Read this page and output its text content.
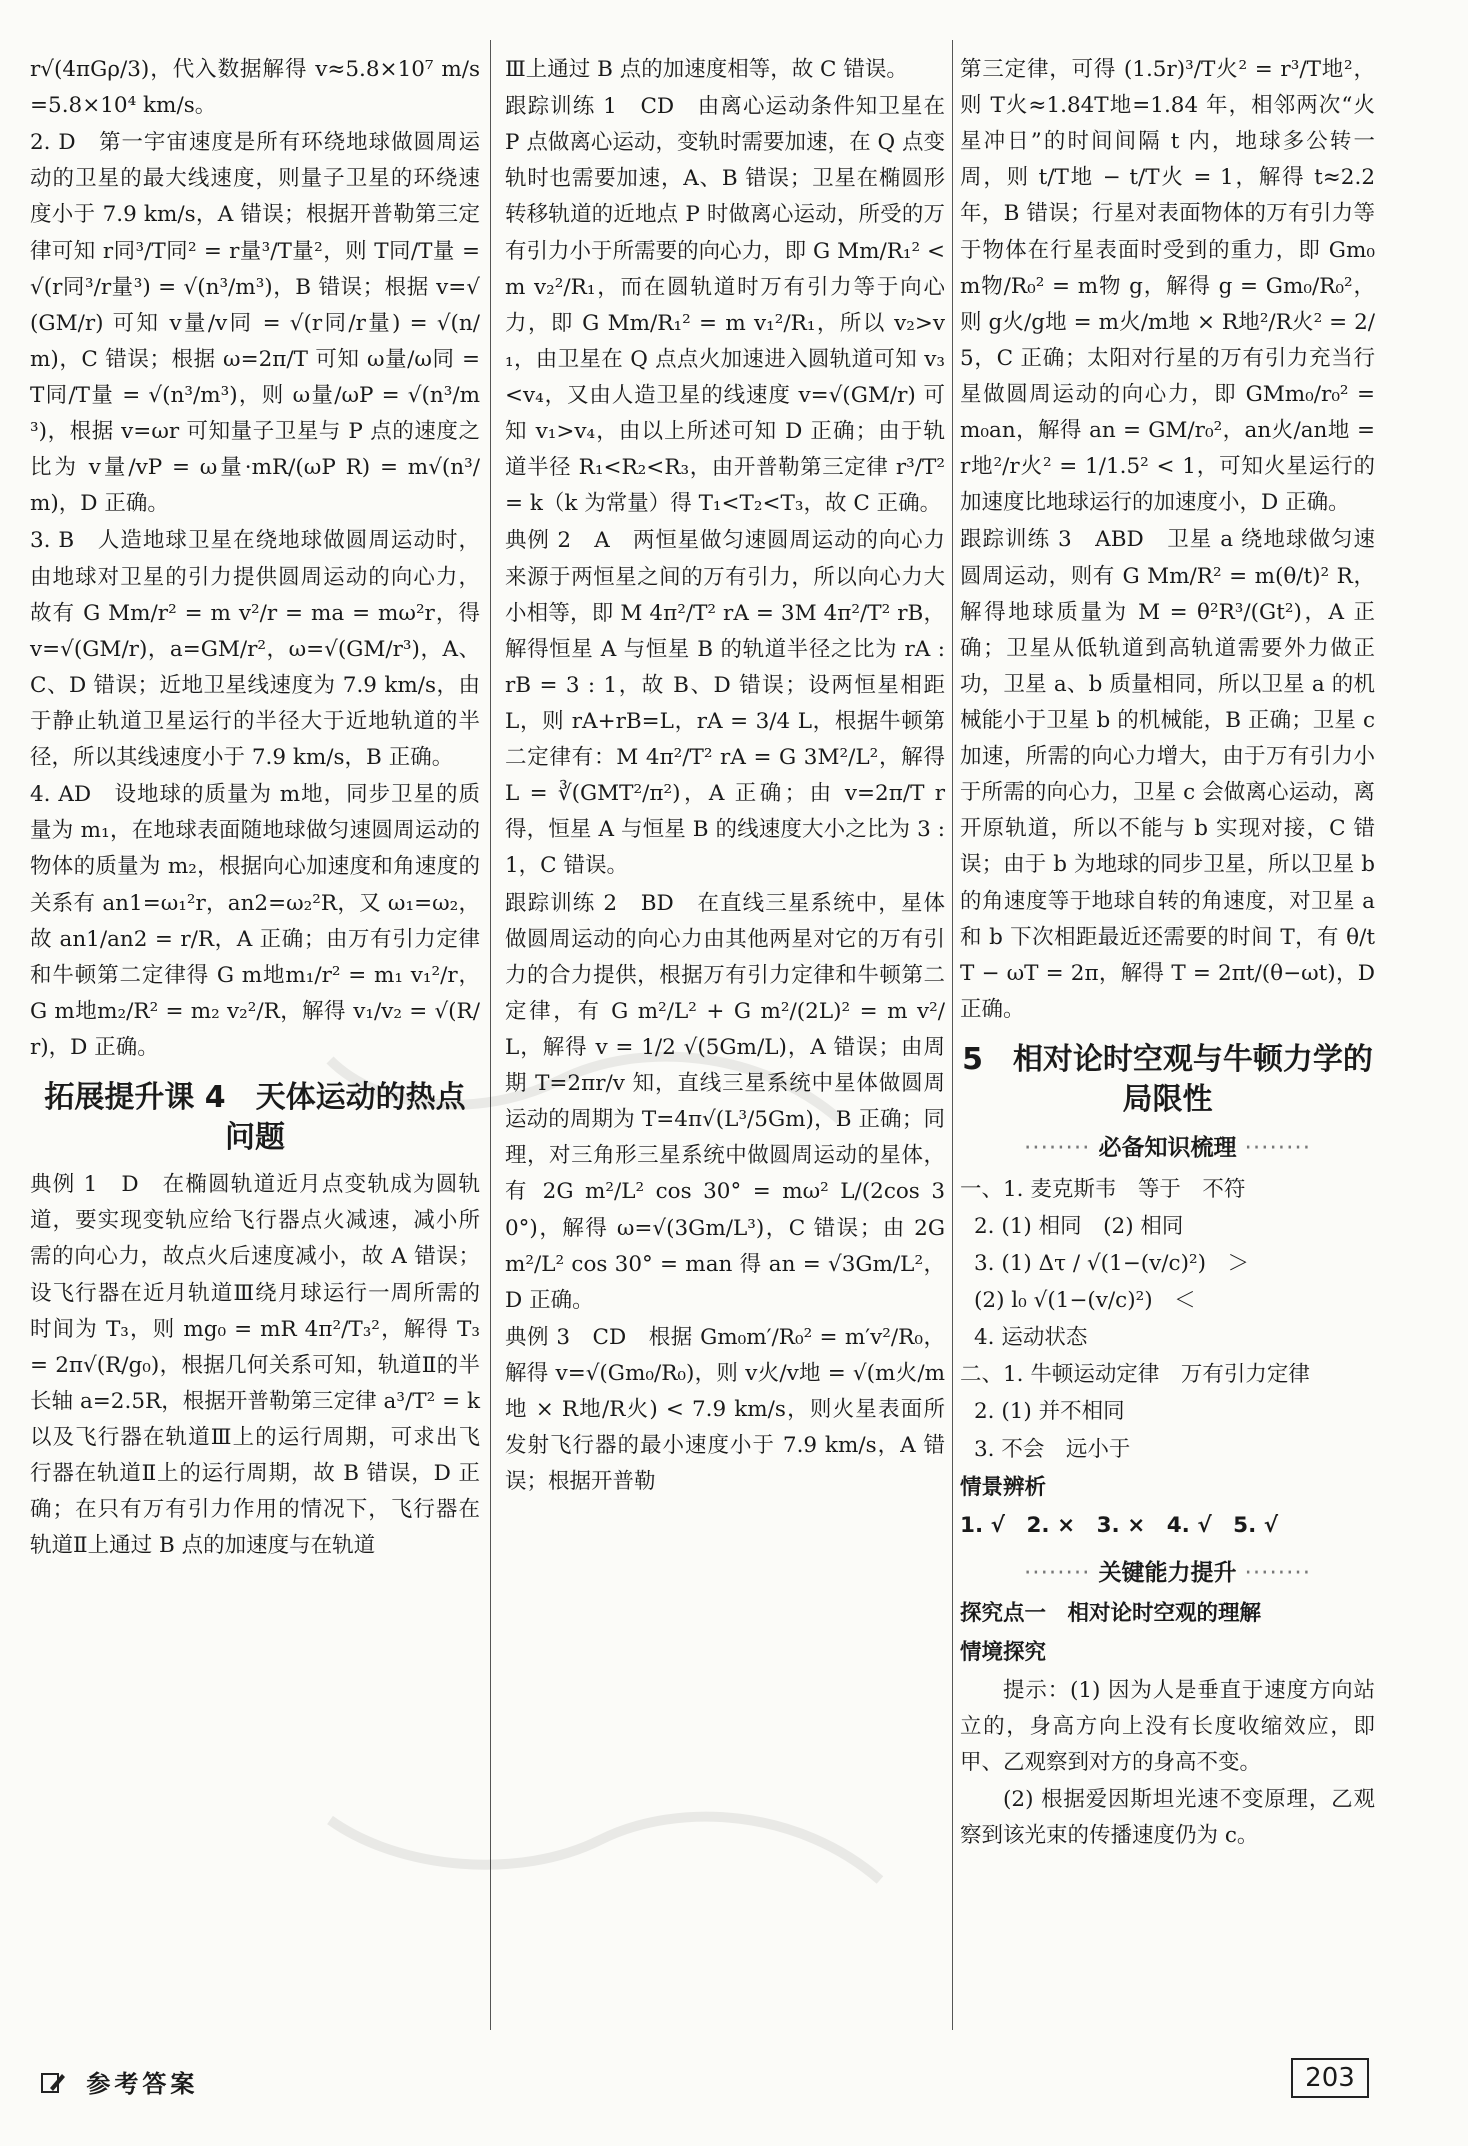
r√(4πGρ/3)，代入数据解得 v≈5.8×10⁷ m/s=5.8×10⁴ km/s。

2. D　第一宇宙速度是所有环绕地球做圆周运动的卫星的最大线速度，则量子卫星的环绕速度小于 7.9 km/s，A 错误；根据开普勒第三定律可知 r同³/T同² = r量³/T量²，则 T同/T量 = √(r同³/r量³) = √(n³/m³)，B 错误；根据 v=√(GM/r) 可知 v量/v同 = √(r同/r量) = √(n/m)，C 错误；根据 ω=2π/T 可知 ω量/ω同 = T同/T量 = √(n³/m³)，则 ω量/ωP = √(n³/m³)，根据 v=ωr 可知量子卫星与 P 点的速度之比为 v量/vP = ω量·mR/(ωP R) = m√(n³/m)，D 正确。

3. B　人造地球卫星在绕地球做圆周运动时，由地球对卫星的引力提供圆周运动的向心力，故有 G Mm/r² = m v²/r = ma = mω²r，得 v=√(GM/r)，a=GM/r²，ω=√(GM/r³)，A、C、D 错误；近地卫星线速度为 7.9 km/s，由于静止轨道卫星运行的半径大于近地轨道的半径，所以其线速度小于 7.9 km/s，B 正确。

4. AD　设地球的质量为 m地，同步卫星的质量为 m₁，在地球表面随地球做匀速圆周运动的物体的质量为 m₂，根据向心加速度和角速度的关系有 an1=ω₁²r，an2=ω₂²R，又 ω₁=ω₂，故 an1/an2 = r/R，A 正确；由万有引力定律和牛顿第二定律得 G m地m₁/r² = m₁ v₁²/r，G m地m₂/R² = m₂ v₂²/R，解得 v₁/v₂ = √(R/r)，D 正确。

拓展提升课 4　天体运动的热点问题

典例 1　D　在椭圆轨道近月点变轨成为圆轨道，要实现变轨应给飞行器点火减速，减小所需的向心力，故点火后速度减小，故 A 错误；设飞行器在近月轨道Ⅲ绕月球运行一周所需的时间为 T₃，则 mg₀ = mR 4π²/T₃²，解得 T₃ = 2π√(R/g₀)，根据几何关系可知，轨道Ⅱ的半长轴 a=2.5R，根据开普勒第三定律 a³/T² = k 以及飞行器在轨道Ⅲ上的运行周期，可求出飞行器在轨道Ⅱ上的运行周期，故 B 错误，D 正确；在只有万有引力作用的情况下，飞行器在轨道Ⅱ上通过 B 点的加速度与在轨道

Ⅲ上通过 B 点的加速度相等，故 C 错误。

跟踪训练 1　CD　由离心运动条件知卫星在 P 点做离心运动，变轨时需要加速，在 Q 点变轨时也需要加速，A、B 错误；卫星在椭圆形转移轨道的近地点 P 时做离心运动，所受的万有引力小于所需要的向心力，即 G Mm/R₁² < m v₂²/R₁，而在圆轨道时万有引力等于向心力，即 G Mm/R₁² = m v₁²/R₁，所以 v₂>v₁，由卫星在 Q 点点火加速进入圆轨道可知 v₃<v₄，又由人造卫星的线速度 v=√(GM/r) 可知 v₁>v₄，由以上所述可知 D 正确；由于轨道半径 R₁<R₂<R₃，由开普勒第三定律 r³/T² = k（k 为常量）得 T₁<T₂<T₃，故 C 正确。

典例 2　A　两恒星做匀速圆周运动的向心力来源于两恒星之间的万有引力，所以向心力大小相等，即 M 4π²/T² rA = 3M 4π²/T² rB，解得恒星 A 与恒星 B 的轨道半径之比为 rA : rB = 3 : 1，故 B、D 错误；设两恒星相距 L，则 rA+rB=L，rA = 3/4 L，根据牛顿第二定律有：M 4π²/T² rA = G 3M²/L²，解得 L = ∛(GMT²/π²)，A 正确；由 v=2π/T r 得，恒星 A 与恒星 B 的线速度大小之比为 3 : 1，C 错误。

跟踪训练 2　BD　在直线三星系统中，星体做圆周运动的向心力由其他两星对它的万有引力的合力提供，根据万有引力定律和牛顿第二定律，有 G m²/L² + G m²/(2L)² = m v²/L，解得 v = 1/2 √(5Gm/L)，A 错误；由周期 T=2πr/v 知，直线三星系统中星体做圆周运动的周期为 T=4π√(L³/5Gm)，B 正确；同理，对三角形三星系统中做圆周运动的星体，有 2G m²/L² cos 30° = mω² L/(2cos 30°)，解得 ω=√(3Gm/L³)，C 错误；由 2G m²/L² cos 30° = man 得 an = √3Gm/L²，D 正确。

典例 3　CD　根据 Gm₀m′/R₀² = m′v²/R₀，解得 v=√(Gm₀/R₀)，则 v火/v地 = √(m火/m地 × R地/R火) < 7.9 km/s，则火星表面所发射飞行器的最小速度小于 7.9 km/s，A 错误；根据开普勒

第三定律，可得 (1.5r)³/T火² = r³/T地²，则 T火≈1.84T地=1.84 年，相邻两次“火星冲日”的时间间隔 t 内，地球多公转一周，则 t/T地 − t/T火 = 1，解得 t≈2.2 年，B 错误；行星对表面物体的万有引力等于物体在行星表面时受到的重力，即 Gm₀m物/R₀² = m物 g，解得 g = Gm₀/R₀²，则 g火/g地 = m火/m地 × R地²/R火² = 2/5，C 正确；太阳对行星的万有引力充当行星做圆周运动的向心力，即 GMm₀/r₀² = m₀an，解得 an = GM/r₀²，an火/an地 = r地²/r火² = 1/1.5² < 1，可知火星运行的加速度比地球运行的加速度小，D 正确。

跟踪训练 3　ABD　卫星 a 绕地球做匀速圆周运动，则有 G Mm/R² = m(θ/t)² R，解得地球质量为 M = θ²R³/(Gt²)，A 正确；卫星从低轨道到高轨道需要外力做正功，卫星 a、b 质量相同，所以卫星 a 的机械能小于卫星 b 的机械能，B 正确；卫星 c 加速，所需的向心力增大，由于万有引力小于所需的向心力，卫星 c 会做离心运动，离开原轨道，所以不能与 b 实现对接，C 错误；由于 b 为地球的同步卫星，所以卫星 b 的角速度等于地球自转的角速度，对卫星 a 和 b 下次相距最近还需要的时间 T，有 θ/t T − ωT = 2π，解得 T = 2πt/(θ−ωt)，D 正确。

5　相对论时空观与牛顿力学的局限性
········ 必备知识梳理 ········
一、1. 麦克斯韦　等于　不符
2. (1) 相同　(2) 相同
3. (1) Δτ / √(1−(v/c)²)　＞
(2) l₀ √(1−(v/c)²)　＜
4. 运动状态
二、1. 牛顿运动定律　万有引力定律
2. (1) 并不相同
3. 不会　远小于
情景辨析
1. √　2. ×　3. ×　4. √　5. √
········ 关键能力提升 ········
探究点一　相对论时空观的理解
情境探究

提示：(1) 因为人是垂直于速度方向站立的，身高方向上没有长度收缩效应，即甲、乙观察到对方的身高不变。

(2) 根据爱因斯坦光速不变原理，乙观察到该光束的传播速度仍为 c。

参考答案	203
